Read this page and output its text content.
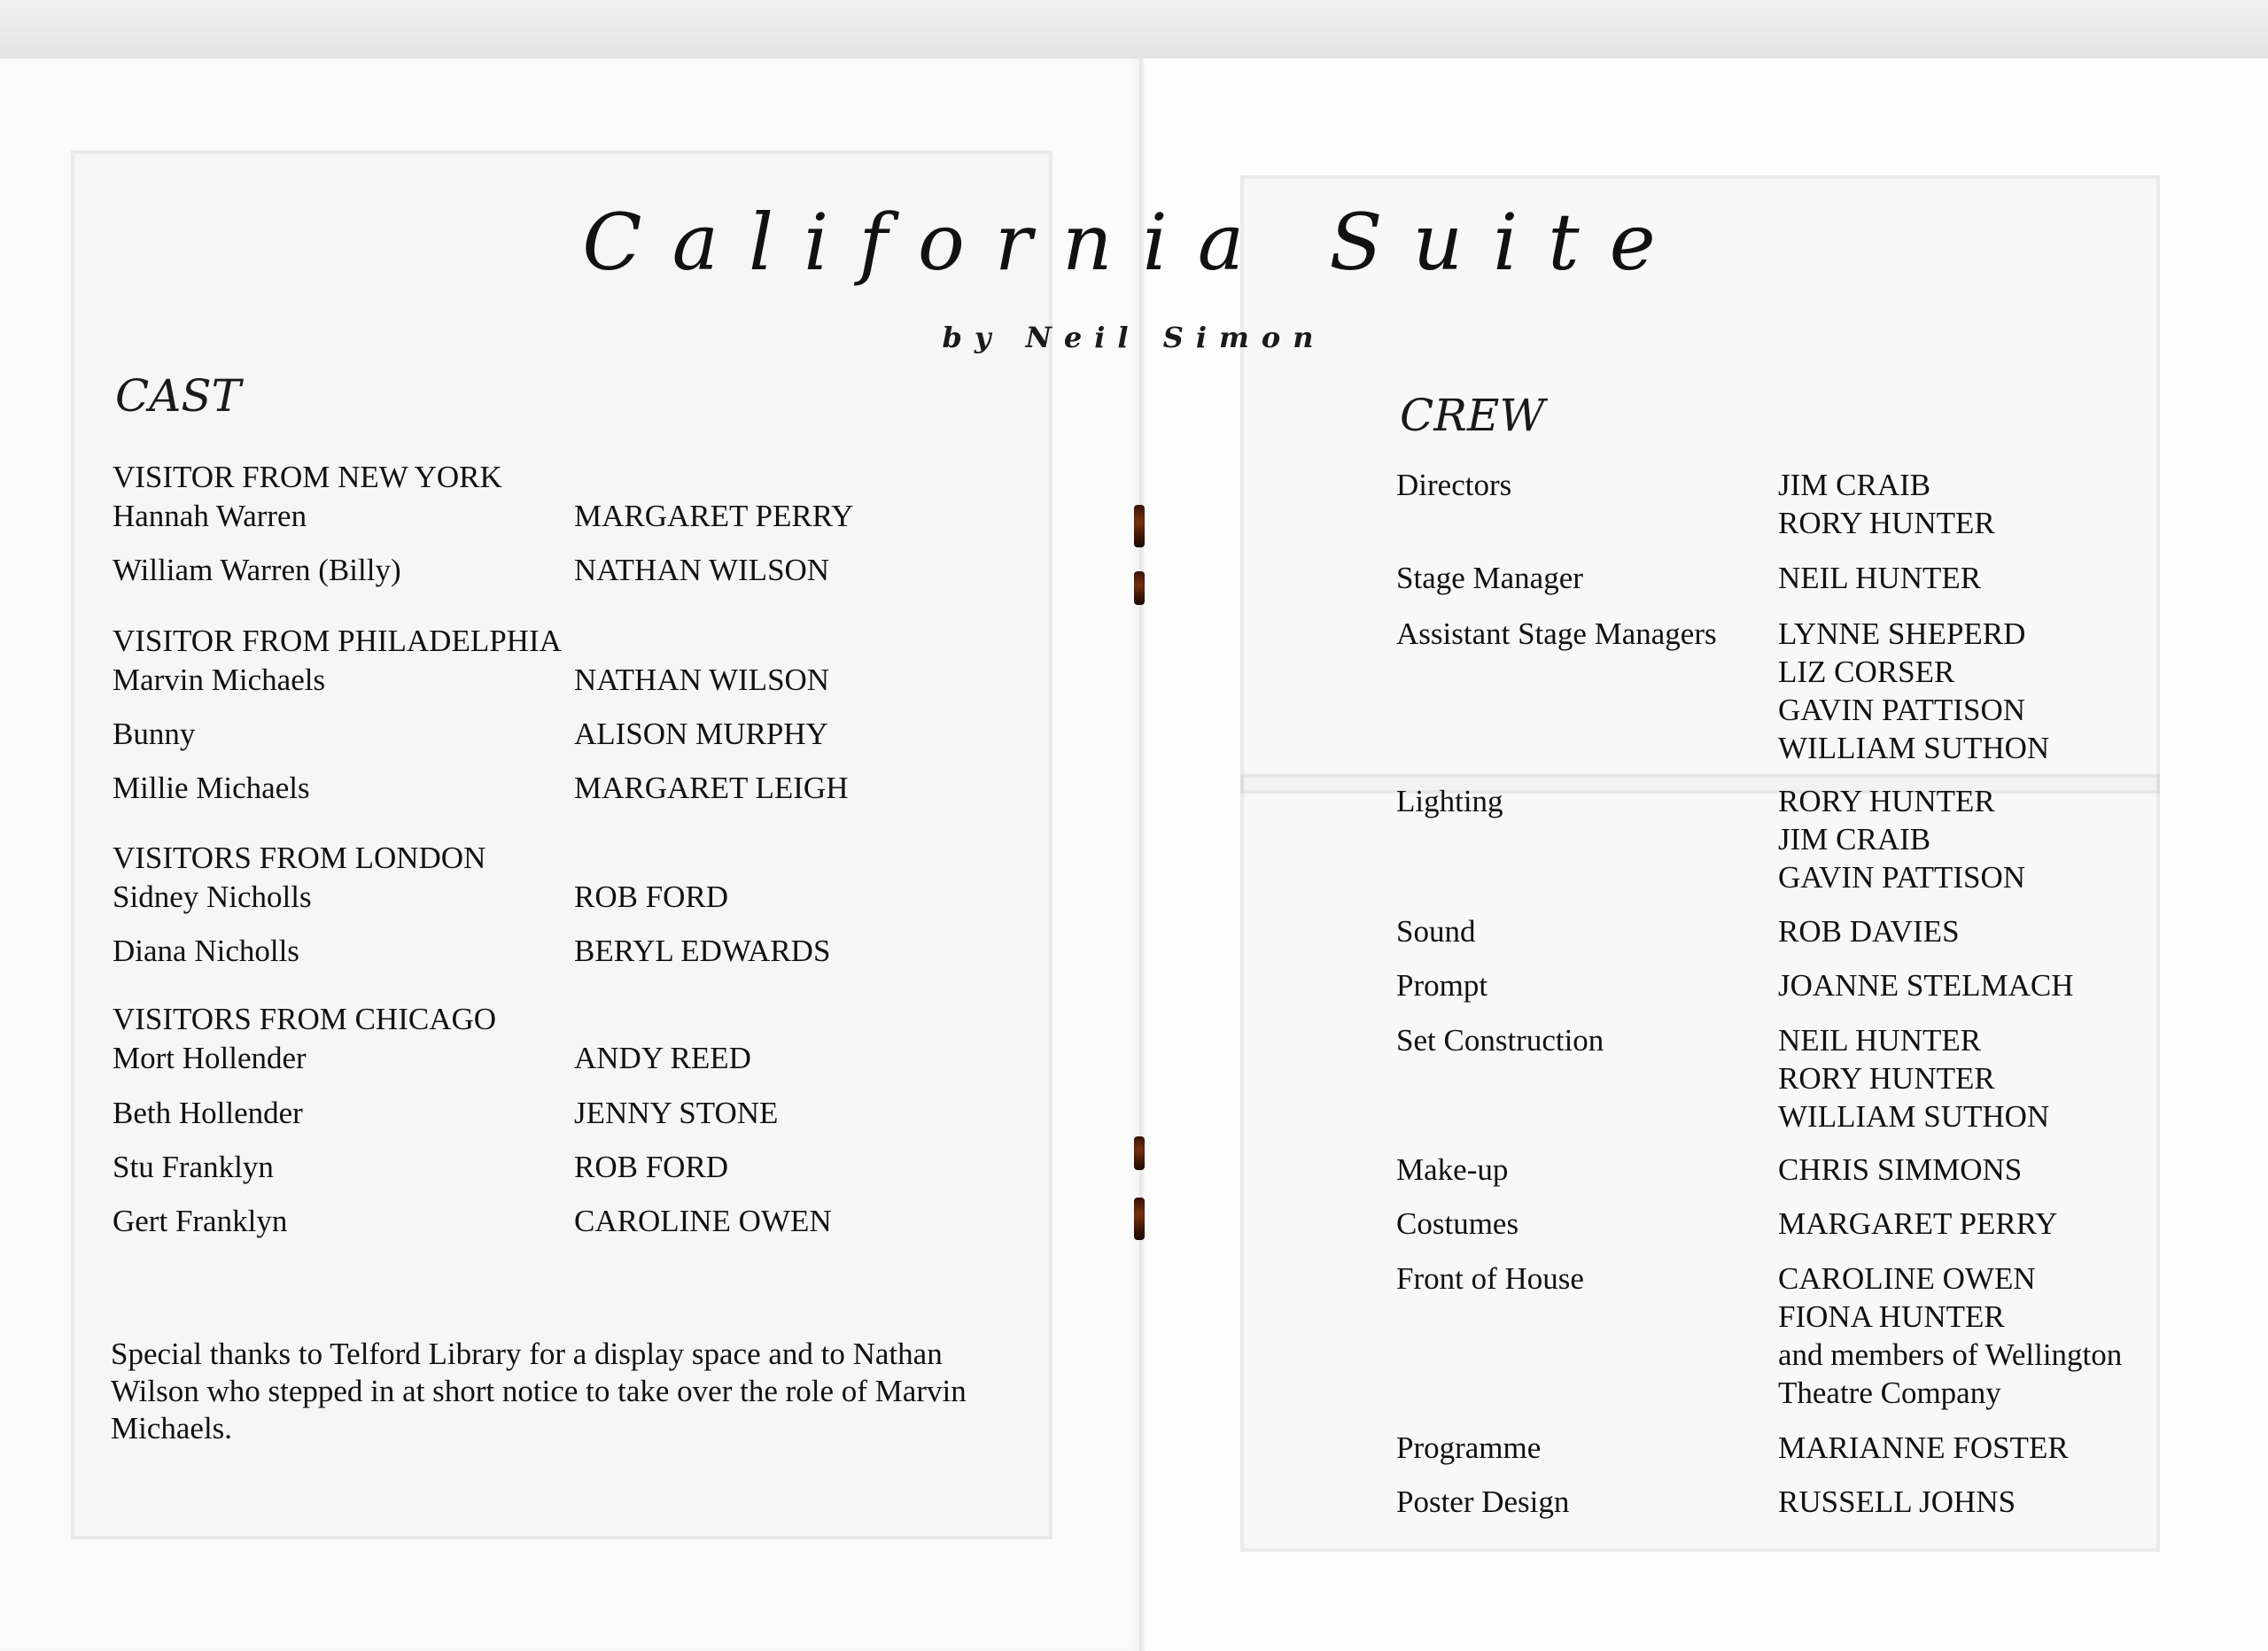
California Suite
by Neil Simon
CAST
VISITOR FROM NEW YORK
Hannah Warren	MARGARET PERRY
William Warren (Billy)	NATHAN WILSON
VISITOR FROM PHILADELPHIA
Marvin Michaels	NATHAN WILSON
Bunny	ALISON MURPHY
Millie Michaels	MARGARET LEIGH
VISITORS FROM LONDON
Sidney Nicholls	ROB FORD
Diana Nicholls	BERYL EDWARDS
VISITORS FROM CHICAGO
Mort Hollender	ANDY REED
Beth Hollender	JENNY STONE
Stu Franklyn	ROB FORD
Gert Franklyn	CAROLINE OWEN
Special thanks to Telford Library for a display space and to Nathan Wilson who stepped in at short notice to take over the role of Marvin Michaels.
CREW
Directors	JIM CRAIB
RORY HUNTER
Stage Manager	NEIL HUNTER
Assistant Stage Managers LYNNE SHEPERD
LIZ CORSER
GAVIN PATTISON
WILLIAM SUTHON
Lighting	RORY HUNTER
JIM CRAIB
GAVIN PATTISON
Sound	ROB DAVIES
Prompt	JOANNE STELMACH
Set Construction	NEIL HUNTER
RORY HUNTER
WILLIAM SUTHON
Make-up	CHRIS SIMMONS
Costumes	MARGARET PERRY
Front of House	CAROLINE OWEN
FIONA HUNTER
and members of Wellington
Theatre Company
Programme	MARIANNE FOSTER
Poster Design	RUSSELL JOHNS
